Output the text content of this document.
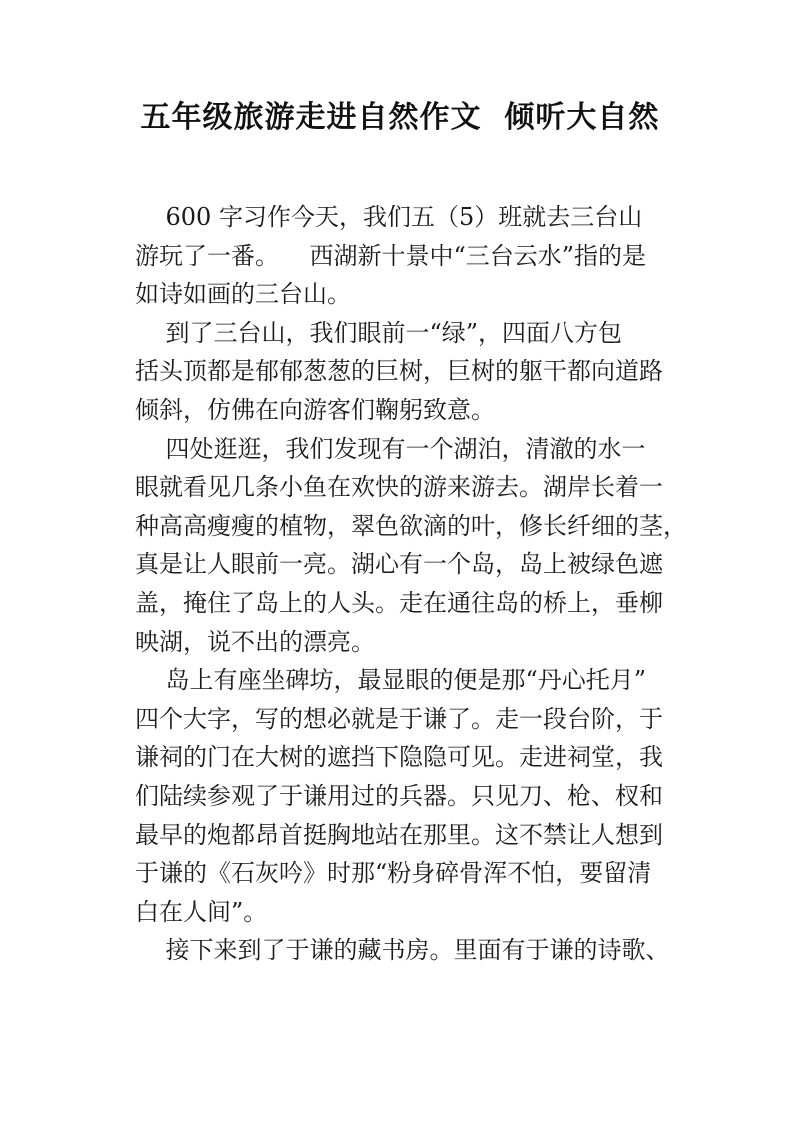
五年级旅游走进自然作文  倾听大自然
600 字习作今天，我们五（5）班就去三台山
游玩了一番。    西湖新十景中“三台云水”指的是
如诗如画的三台山。
到了三台山，我们眼前一“绿”，四面八方包
括头顶都是郁郁葱葱的巨树，巨树的躯干都向道路
倾斜，仿佛在向游客们鞠躬致意。
四处逛逛，我们发现有一个湖泊，清澈的水一
眼就看见几条小鱼在欢快的游来游去。湖岸长着一
种高高瘦瘦的植物，翠色欲滴的叶，修长纤细的茎，
真是让人眼前一亮。湖心有一个岛，岛上被绿色遮
盖，掩住了岛上的人头。走在通往岛的桥上，垂柳
映湖，说不出的漂亮。
岛上有座坐碑坊，最显眼的便是那“丹心托月”
四个大字，写的想必就是于谦了。走一段台阶，于
谦祠的门在大树的遮挡下隐隐可见。走进祠堂，我
们陆续参观了于谦用过的兵器。只见刀、枪、杈和
最早的炮都昂首挺胸地站在那里。这不禁让人想到
于谦的《石灰吟》时那“粉身碎骨浑不怕，要留清
白在人间”。
接下来到了于谦的藏书房。里面有于谦的诗歌、
